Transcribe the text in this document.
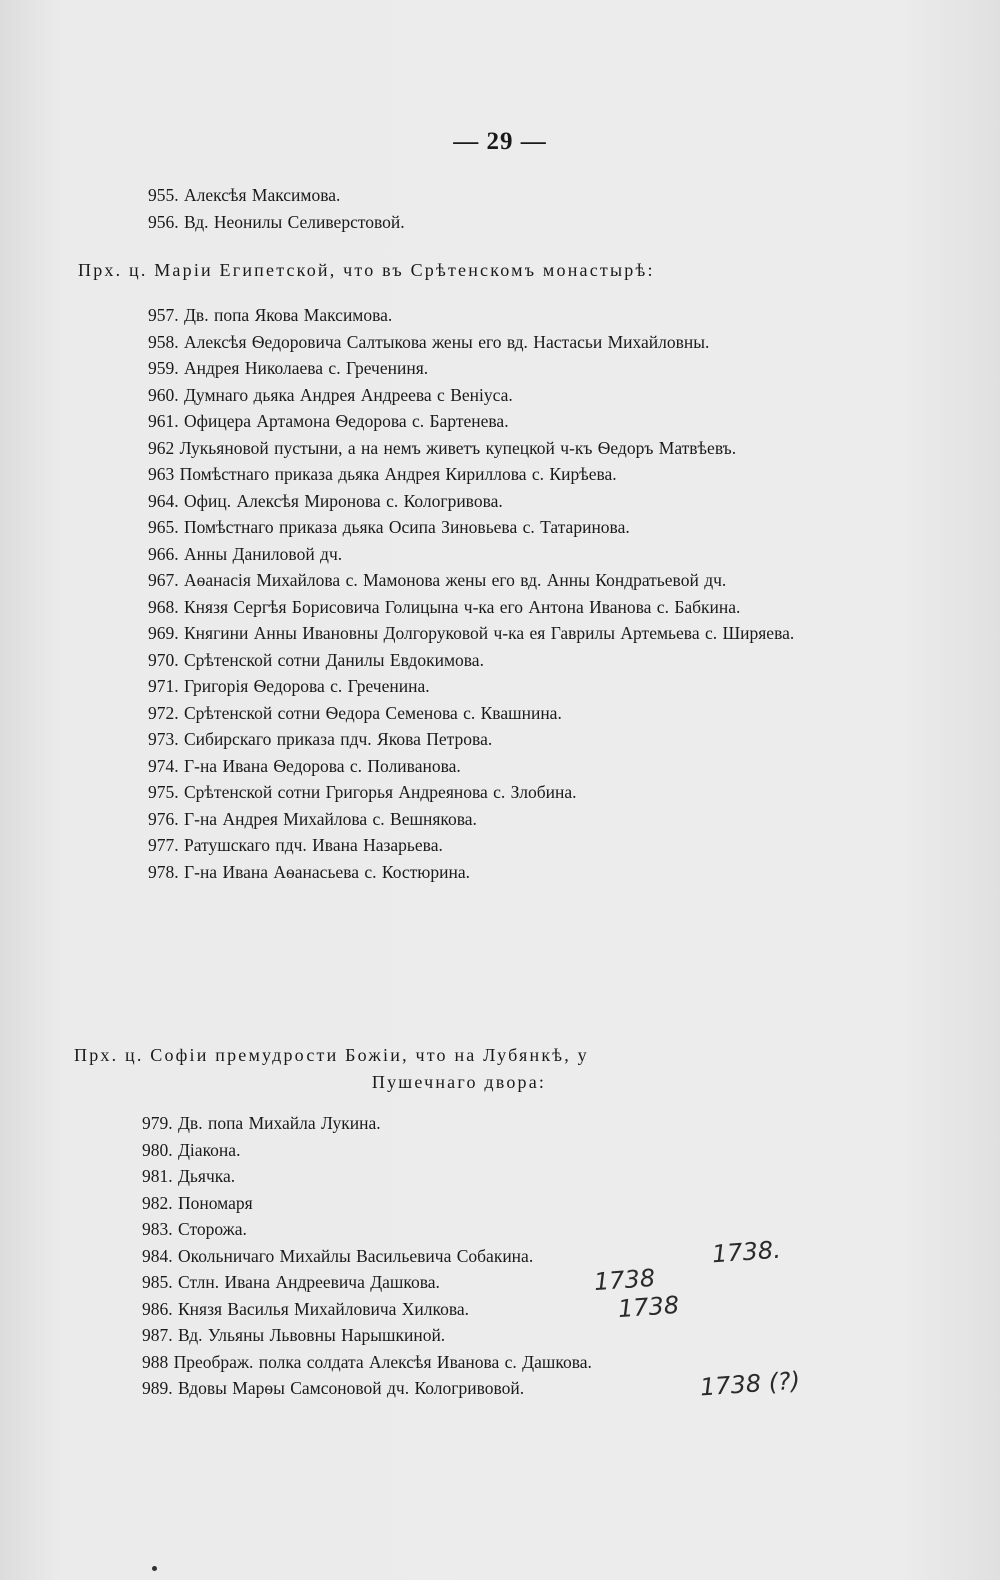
— 29 —

955. Алексѣя Максимова.

956. Вд. Неонилы Селиверстовой.

Прх. ц. Маріи Египетской, что въ Срѣтенскомъ монастырѣ:

957. Дв. попа Якова Максимова.

958. Алексѣя Ѳедоровича Салтыкова жены его вд. Настасьи Михайловны.

959. Андрея Николаева с. Гречениня.

960. Думнаго дьяка Андрея Андреева с Веніуса.

961. Офицера Артамона Ѳедорова с. Бартенева.

962 Лукьяновой пустыни, а на немъ живетъ купецкой ч-къ Ѳедоръ Матвѣевъ.

963 Помѣстнаго приказа дьяка Андрея Кириллова с. Кирѣева.

964. Офиц. Алексѣя Миронова с. Кологривова.

965. Помѣстнаго приказа дьяка Осипа Зиновьева с. Татаринова.

966. Анны Даниловой дч.

967. Аѳанасія Михайлова с. Мамонова жены его вд. Анны Кондратьевой дч.

968. Князя Сергѣя Борисовича Голицына ч-ка его Антона Иванова с. Бабкина.

969. Княгини Анны Ивановны Долгоруковой ч-ка ея Гаврилы Артемьева с. Ширяева.

970. Срѣтенской сотни Данилы Евдокимова.

971. Григорія Ѳедорова с. Греченина.

972. Срѣтенской сотни Ѳедора Семенова с. Квашнина.

973. Сибирскаго приказа пдч. Якова Петрова.

974. Г-на Ивана Ѳедорова с. Поливанова.

975. Срѣтенской сотни Григорья Андреянова с. Злобина.

976. Г-на Андрея Михайлова с. Вешнякова.

977. Ратушскаго пдч. Ивана Назарьева.

978. Г-на Ивана Аѳанасьева с. Костюрина.

Прх. ц. Софіи премудрости Божіи, что на Лубянкѣ, у

Пушечнаго двора:

979. Дв. попа Михайла Лукина.

980. Діакона.

981. Дьячка.

982. Пономаря

983. Сторожа.

984. Окольничаго Михайлы Васильевича Собакина.

985. Стлн. Ивана Андреевича Дашкова.

986. Князя Василья Михайловича Хилкова.

987. Вд. Ульяны Львовны Нарышкиной.

988 Преображ. полка солдата Алексѣя Иванова с. Дашкова.

989. Вдовы Марѳы Самсоновой дч. Кологривовой.

1738.
1738
1738
1738 (?)
